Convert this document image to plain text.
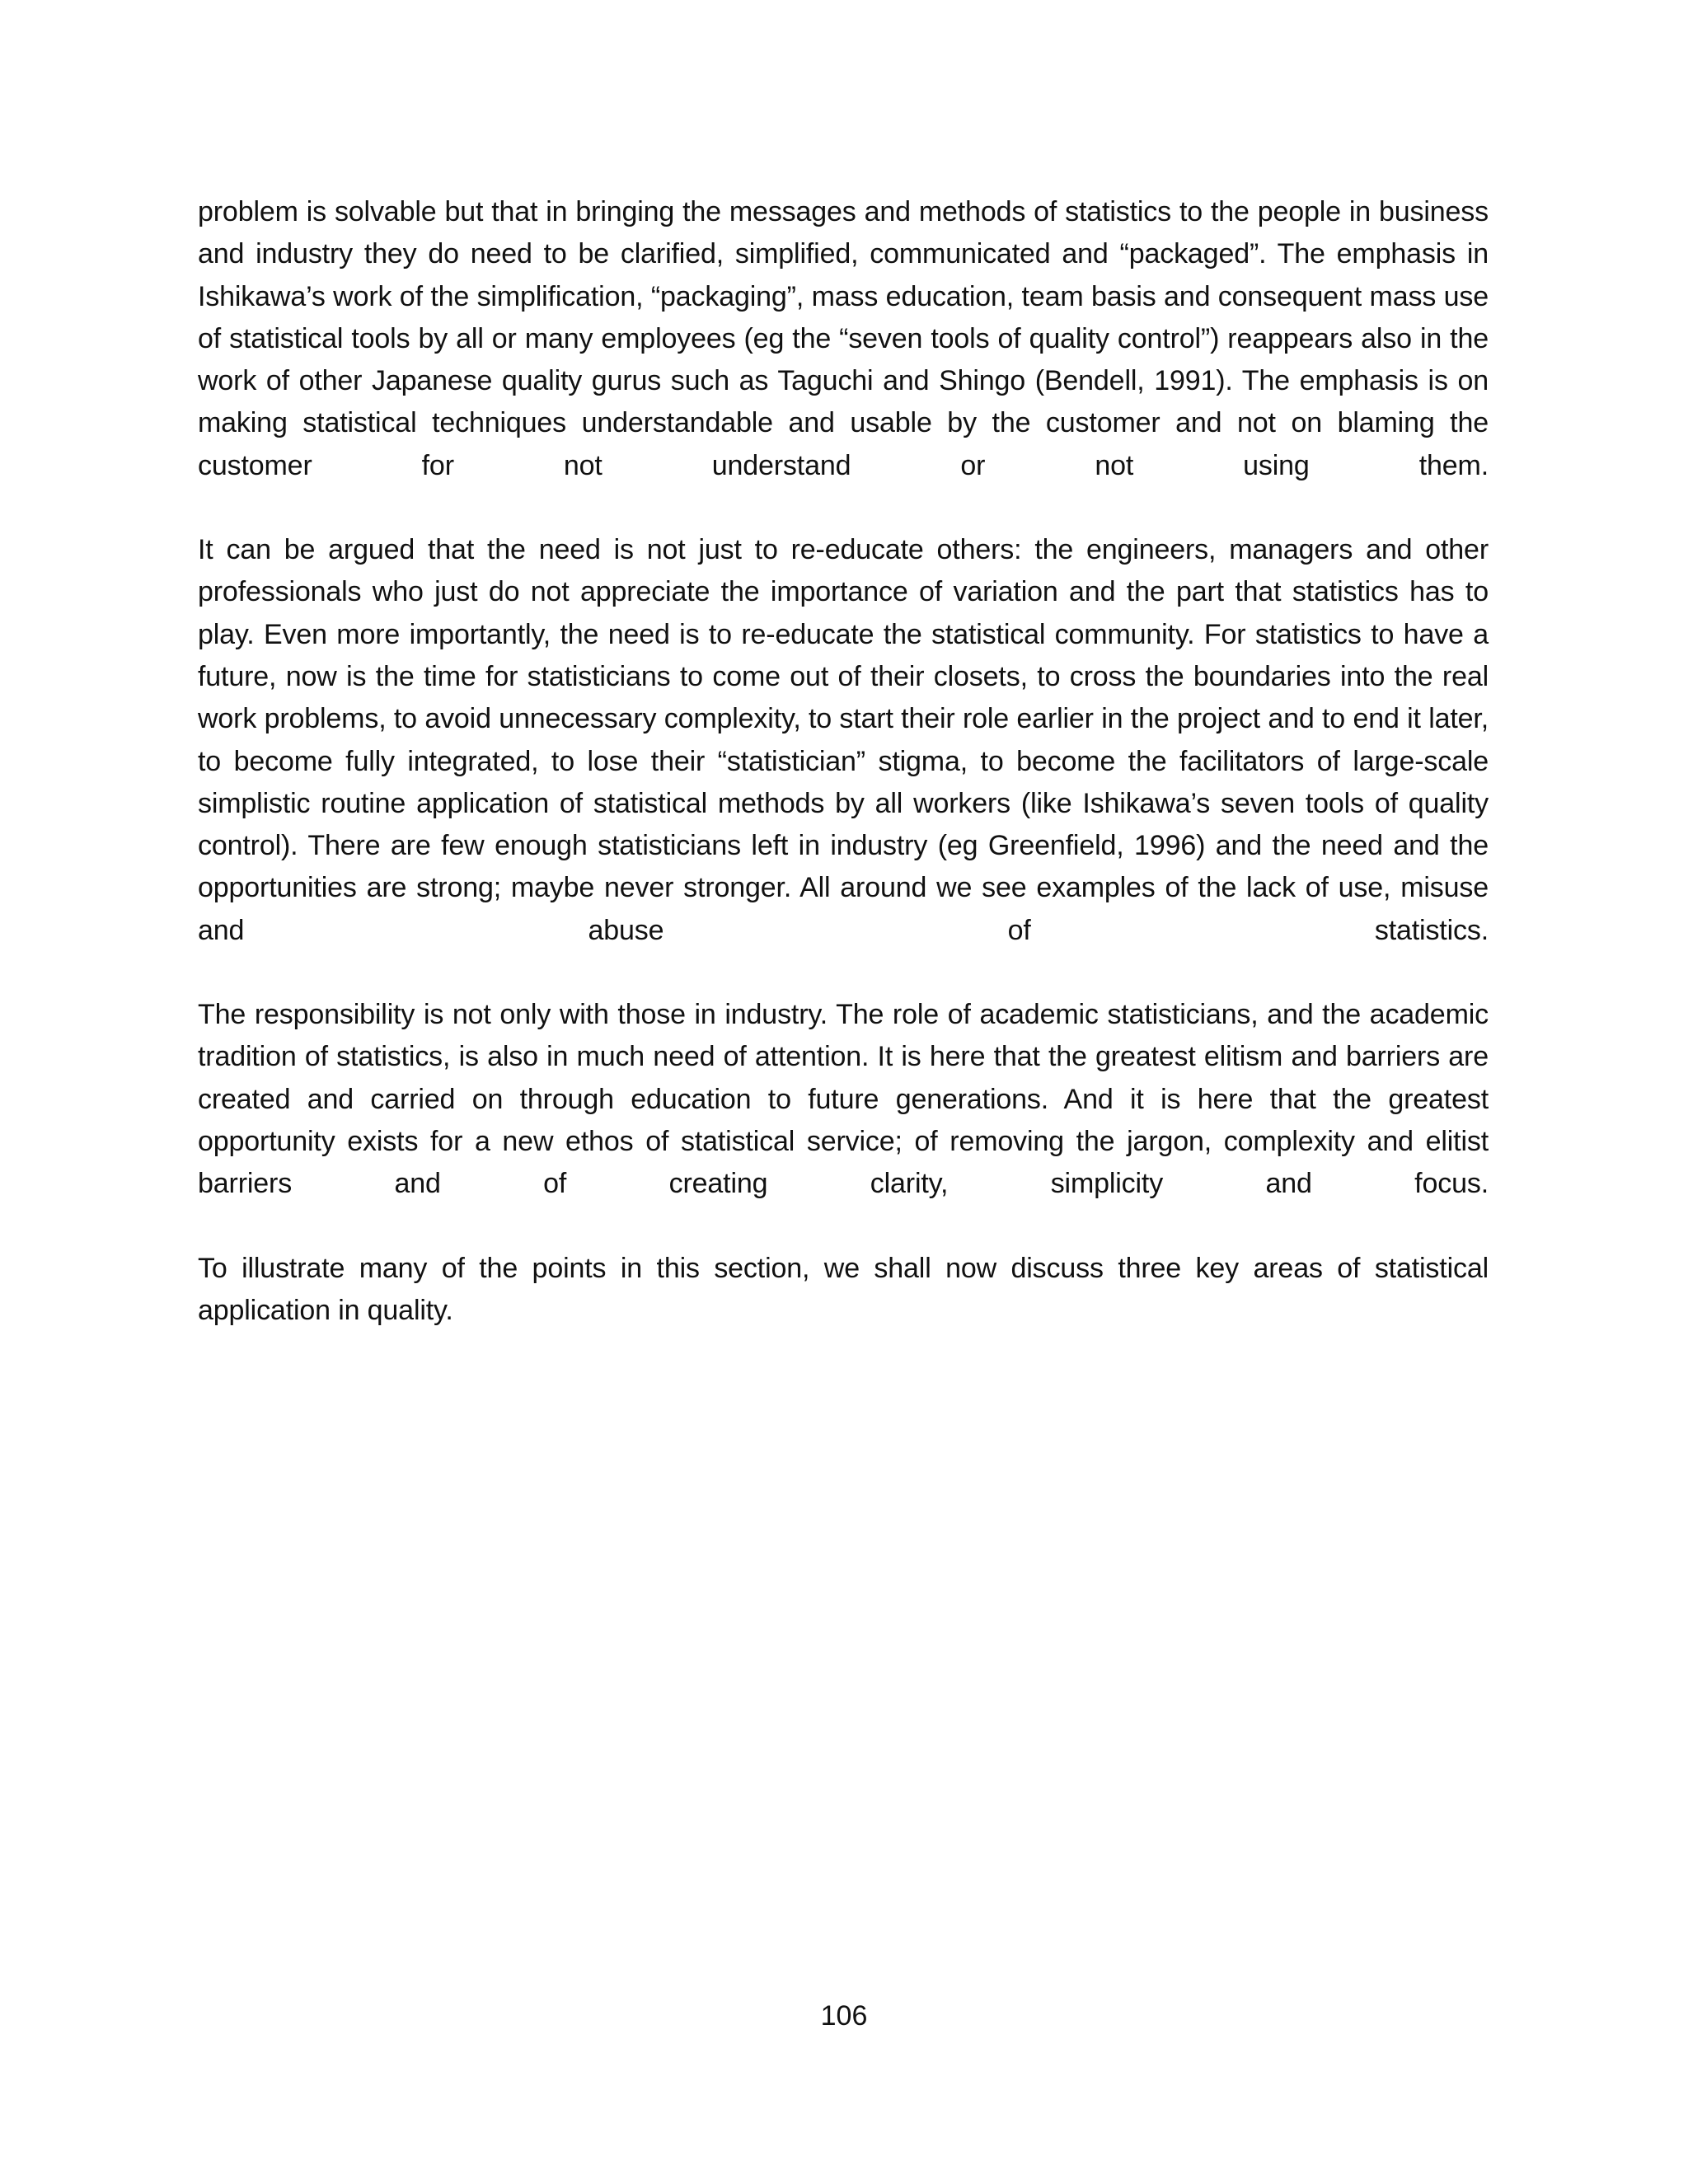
problem is solvable but that in bringing the messages and methods of statistics to the people in business and industry they do need to be clarified, simplified, communicated and “packaged”. The emphasis in Ishikawa’s work of the simplification, “packaging”, mass education, team basis and consequent mass use of statistical tools by all or many employees (eg the “seven tools of quality control”) reappears also in the work of other Japanese quality gurus such as Taguchi and Shingo (Bendell, 1991). The emphasis is on making statistical techniques understandable and usable by the customer and not on blaming the customer for not understand or not using them.

It can be argued that the need is not just to re-educate others: the engineers, managers and other professionals who just do not appreciate the importance of variation and the part that statistics has to play. Even more importantly, the need is to re-educate the statistical community. For statistics to have a future, now is the time for statisticians to come out of their closets, to cross the boundaries into the real work problems, to avoid unnecessary complexity, to start their role earlier in the project and to end it later, to become fully integrated, to lose their “statistician” stigma, to become the facilitators of large-scale simplistic routine application of statistical methods by all workers (like Ishikawa’s seven tools of quality control). There are few enough statisticians left in industry (eg Greenfield, 1996) and the need and the opportunities are strong; maybe never stronger. All around we see examples of the lack of use, misuse and abuse of statistics.

The responsibility is not only with those in industry. The role of academic statisticians, and the academic tradition of statistics, is also in much need of attention. It is here that the greatest elitism and barriers are created and carried on through education to future generations. And it is here that the greatest opportunity exists for a new ethos of statistical service; of removing the jargon, complexity and elitist barriers and of creating clarity, simplicity and focus.

To illustrate many of the points in this section, we shall now discuss three key areas of statistical application in quality.

106
